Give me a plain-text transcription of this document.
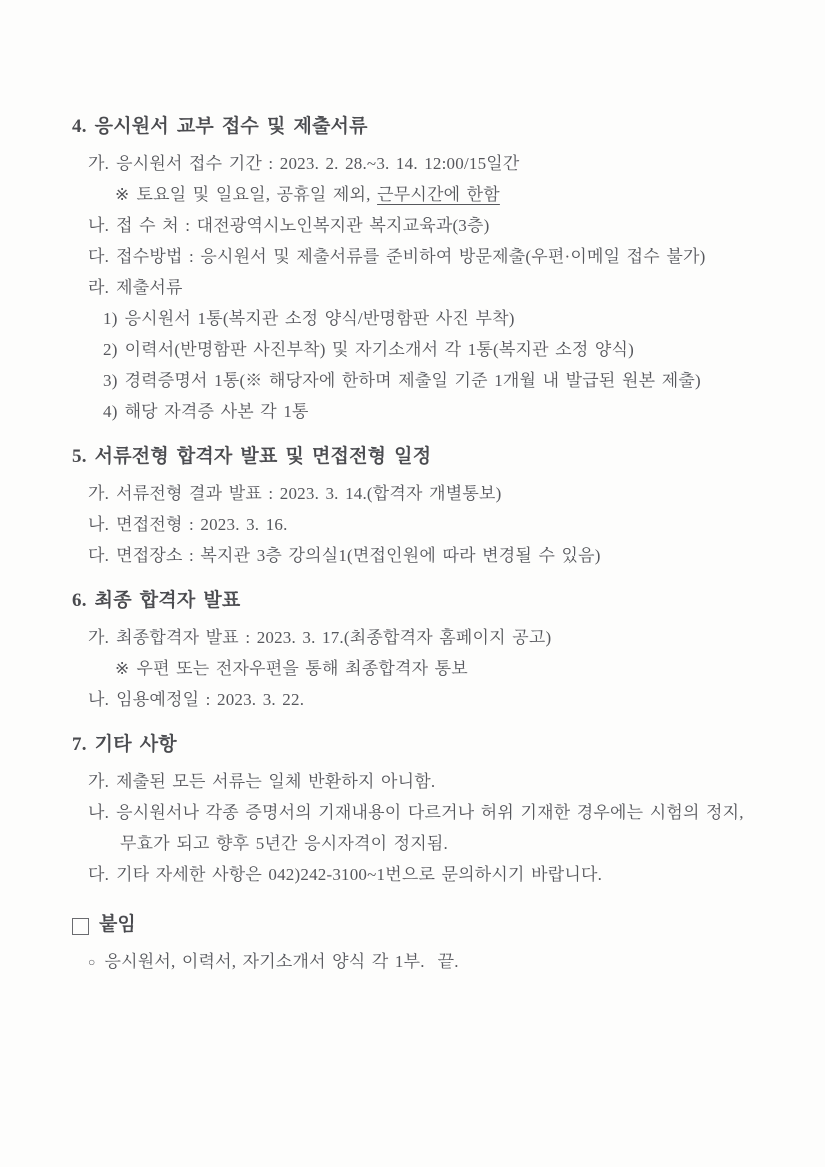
4. 응시원서 교부 접수 및 제출서류
가. 응시원서 접수 기간 : 2023. 2. 28.~3. 14. 12:00/15일간
※ 토요일 및 일요일, 공휴일 제외, 근무시간에 한함
나. 접 수 처 : 대전광역시노인복지관 복지교육과(3층)
다. 접수방법 : 응시원서 및 제출서류를 준비하여 방문제출(우편·이메일 접수 불가)
라. 제출서류
1) 응시원서 1통(복지관 소정 양식/반명함판 사진 부착)
2) 이력서(반명함판 사진부착) 및 자기소개서 각 1통(복지관 소정 양식)
3) 경력증명서 1통(※ 해당자에 한하며 제출일 기준 1개월 내 발급된 원본 제출)
4) 해당 자격증 사본 각 1통
5. 서류전형 합격자 발표 및 면접전형 일정
가. 서류전형 결과 발표 : 2023. 3. 14.(합격자 개별통보)
나. 면접전형 : 2023. 3. 16.
다. 면접장소 : 복지관 3층 강의실1(면접인원에 따라 변경될 수 있음)
6. 최종 합격자 발표
가. 최종합격자 발표 : 2023. 3. 17.(최종합격자 홈페이지 공고)
※ 우편 또는 전자우편을 통해 최종합격자 통보
나. 임용예정일 : 2023. 3. 22.
7. 기타 사항
가. 제출된 모든 서류는 일체 반환하지 아니함.
나. 응시원서나 각종 증명서의 기재내용이 다르거나 허위 기재한 경우에는 시험의 정지,
무효가 되고 향후 5년간 응시자격이 정지됨.
다. 기타 자세한 사항은 042)242-3100~1번으로 문의하시기 바랍니다.
붙임
○ 응시원서, 이력서, 자기소개서 양식 각 1부.  끝.
